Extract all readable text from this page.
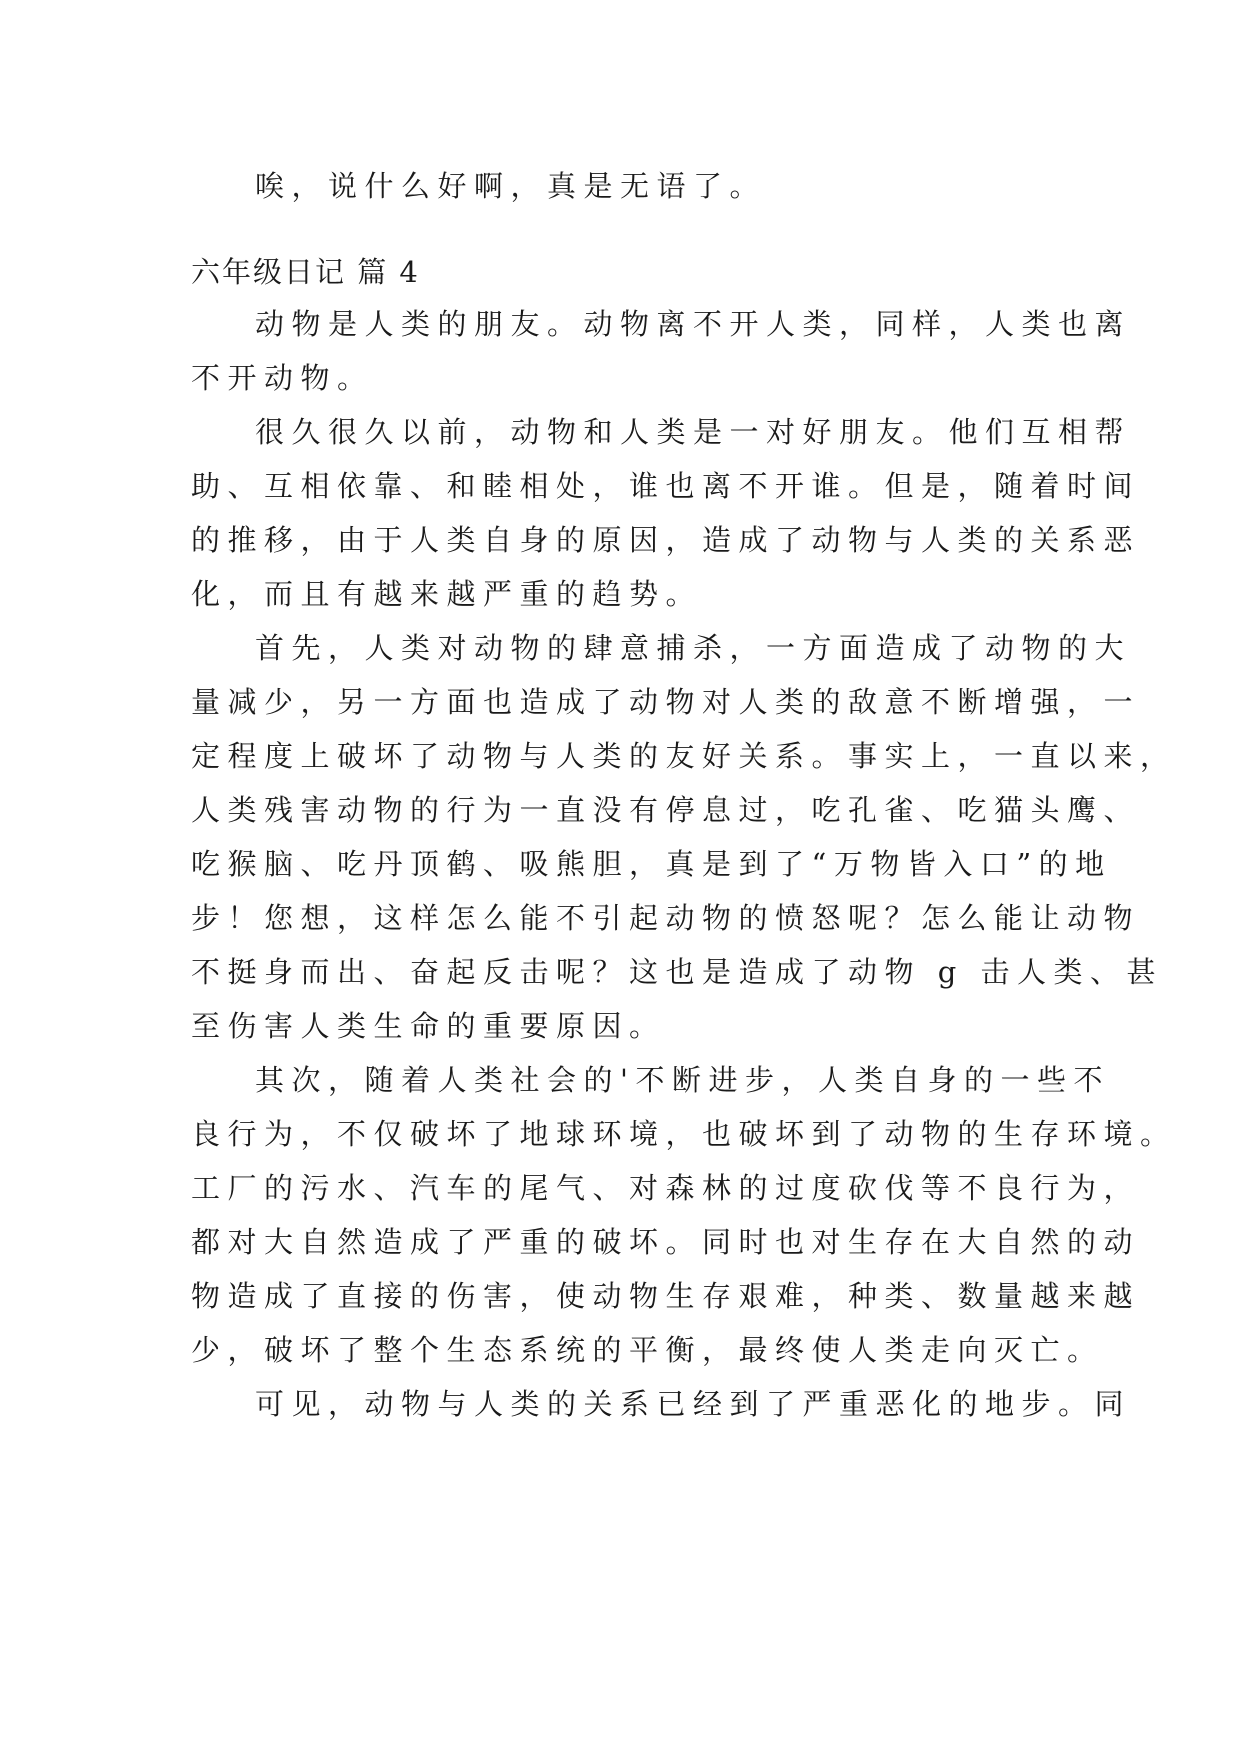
唉，说什么好啊，真是无语了。
六年级日记 篇 4
动物是人类的朋友。动物离不开人类，同样，人类也离
不开动物。
很久很久以前，动物和人类是一对好朋友。他们互相帮
助、互相依靠、和睦相处，谁也离不开谁。但是，随着时间
的推移，由于人类自身的原因，造成了动物与人类的关系恶
化，而且有越来越严重的趋势。
首先，人类对动物的肆意捕杀，一方面造成了动物的大
量减少，另一方面也造成了动物对人类的敌意不断增强，一
定程度上破坏了动物与人类的友好关系。事实上，一直以来，
人类残害动物的行为一直没有停息过，吃孔雀、吃猫头鹰、
吃猴脑、吃丹顶鹤、吸熊胆，真是到了“万物皆入口”的地
步！您想，这样怎么能不引起动物的愤怒呢？怎么能让动物
不挺身而出、奋起反击呢？这也是造成了动物 g 击人类、甚
至伤害人类生命的重要原因。
其次，随着人类社会的'不断进步，人类自身的一些不
良行为，不仅破坏了地球环境，也破坏到了动物的生存环境。
工厂的污水、汽车的尾气、对森林的过度砍伐等不良行为，
都对大自然造成了严重的破坏。同时也对生存在大自然的动
物造成了直接的伤害，使动物生存艰难，种类、数量越来越
少，破坏了整个生态系统的平衡，最终使人类走向灭亡。
可见，动物与人类的关系已经到了严重恶化的地步。同
